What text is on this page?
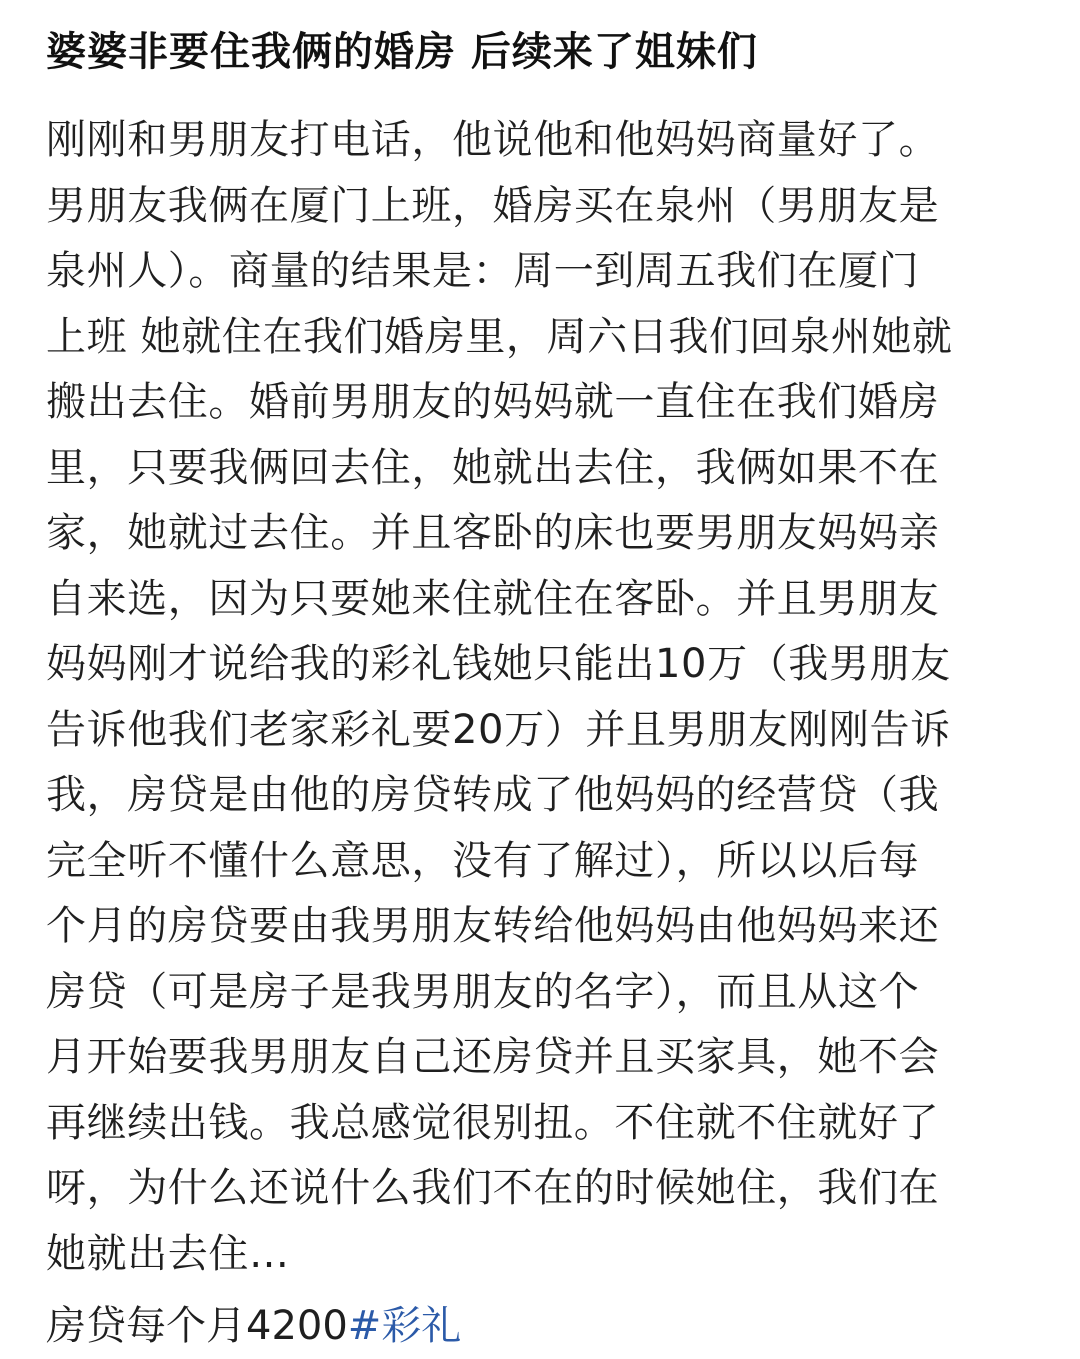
婆婆非要住我俩的婚房 后续来了姐妹们
刚刚和男朋友打电话，他说他和他妈妈商量好了。
男朋友我俩在厦门上班，婚房买在泉州（男朋友是
泉州人）。商量的结果是：周一到周五我们在厦门
上班 她就住在我们婚房里，周六日我们回泉州她就
搬出去住。婚前男朋友的妈妈就一直住在我们婚房
里，只要我俩回去住，她就出去住，我俩如果不在
家，她就过去住。并且客卧的床也要男朋友妈妈亲
自来选，因为只要她来住就住在客卧。并且男朋友
妈妈刚才说给我的彩礼钱她只能出10万（我男朋友
告诉他我们老家彩礼要20万）并且男朋友刚刚告诉
我，房贷是由他的房贷转成了他妈妈的经营贷（我
完全听不懂什么意思，没有了解过），所以以后每
个月的房贷要由我男朋友转给他妈妈由他妈妈来还
房贷（可是房子是我男朋友的名字），而且从这个
月开始要我男朋友自己还房贷并且买家具，她不会
再继续出钱。我总感觉很别扭。不住就不住就好了
呀，为什么还说什么我们不在的时候她住，我们在
她就出去住…
房贷每个月4200#彩礼
